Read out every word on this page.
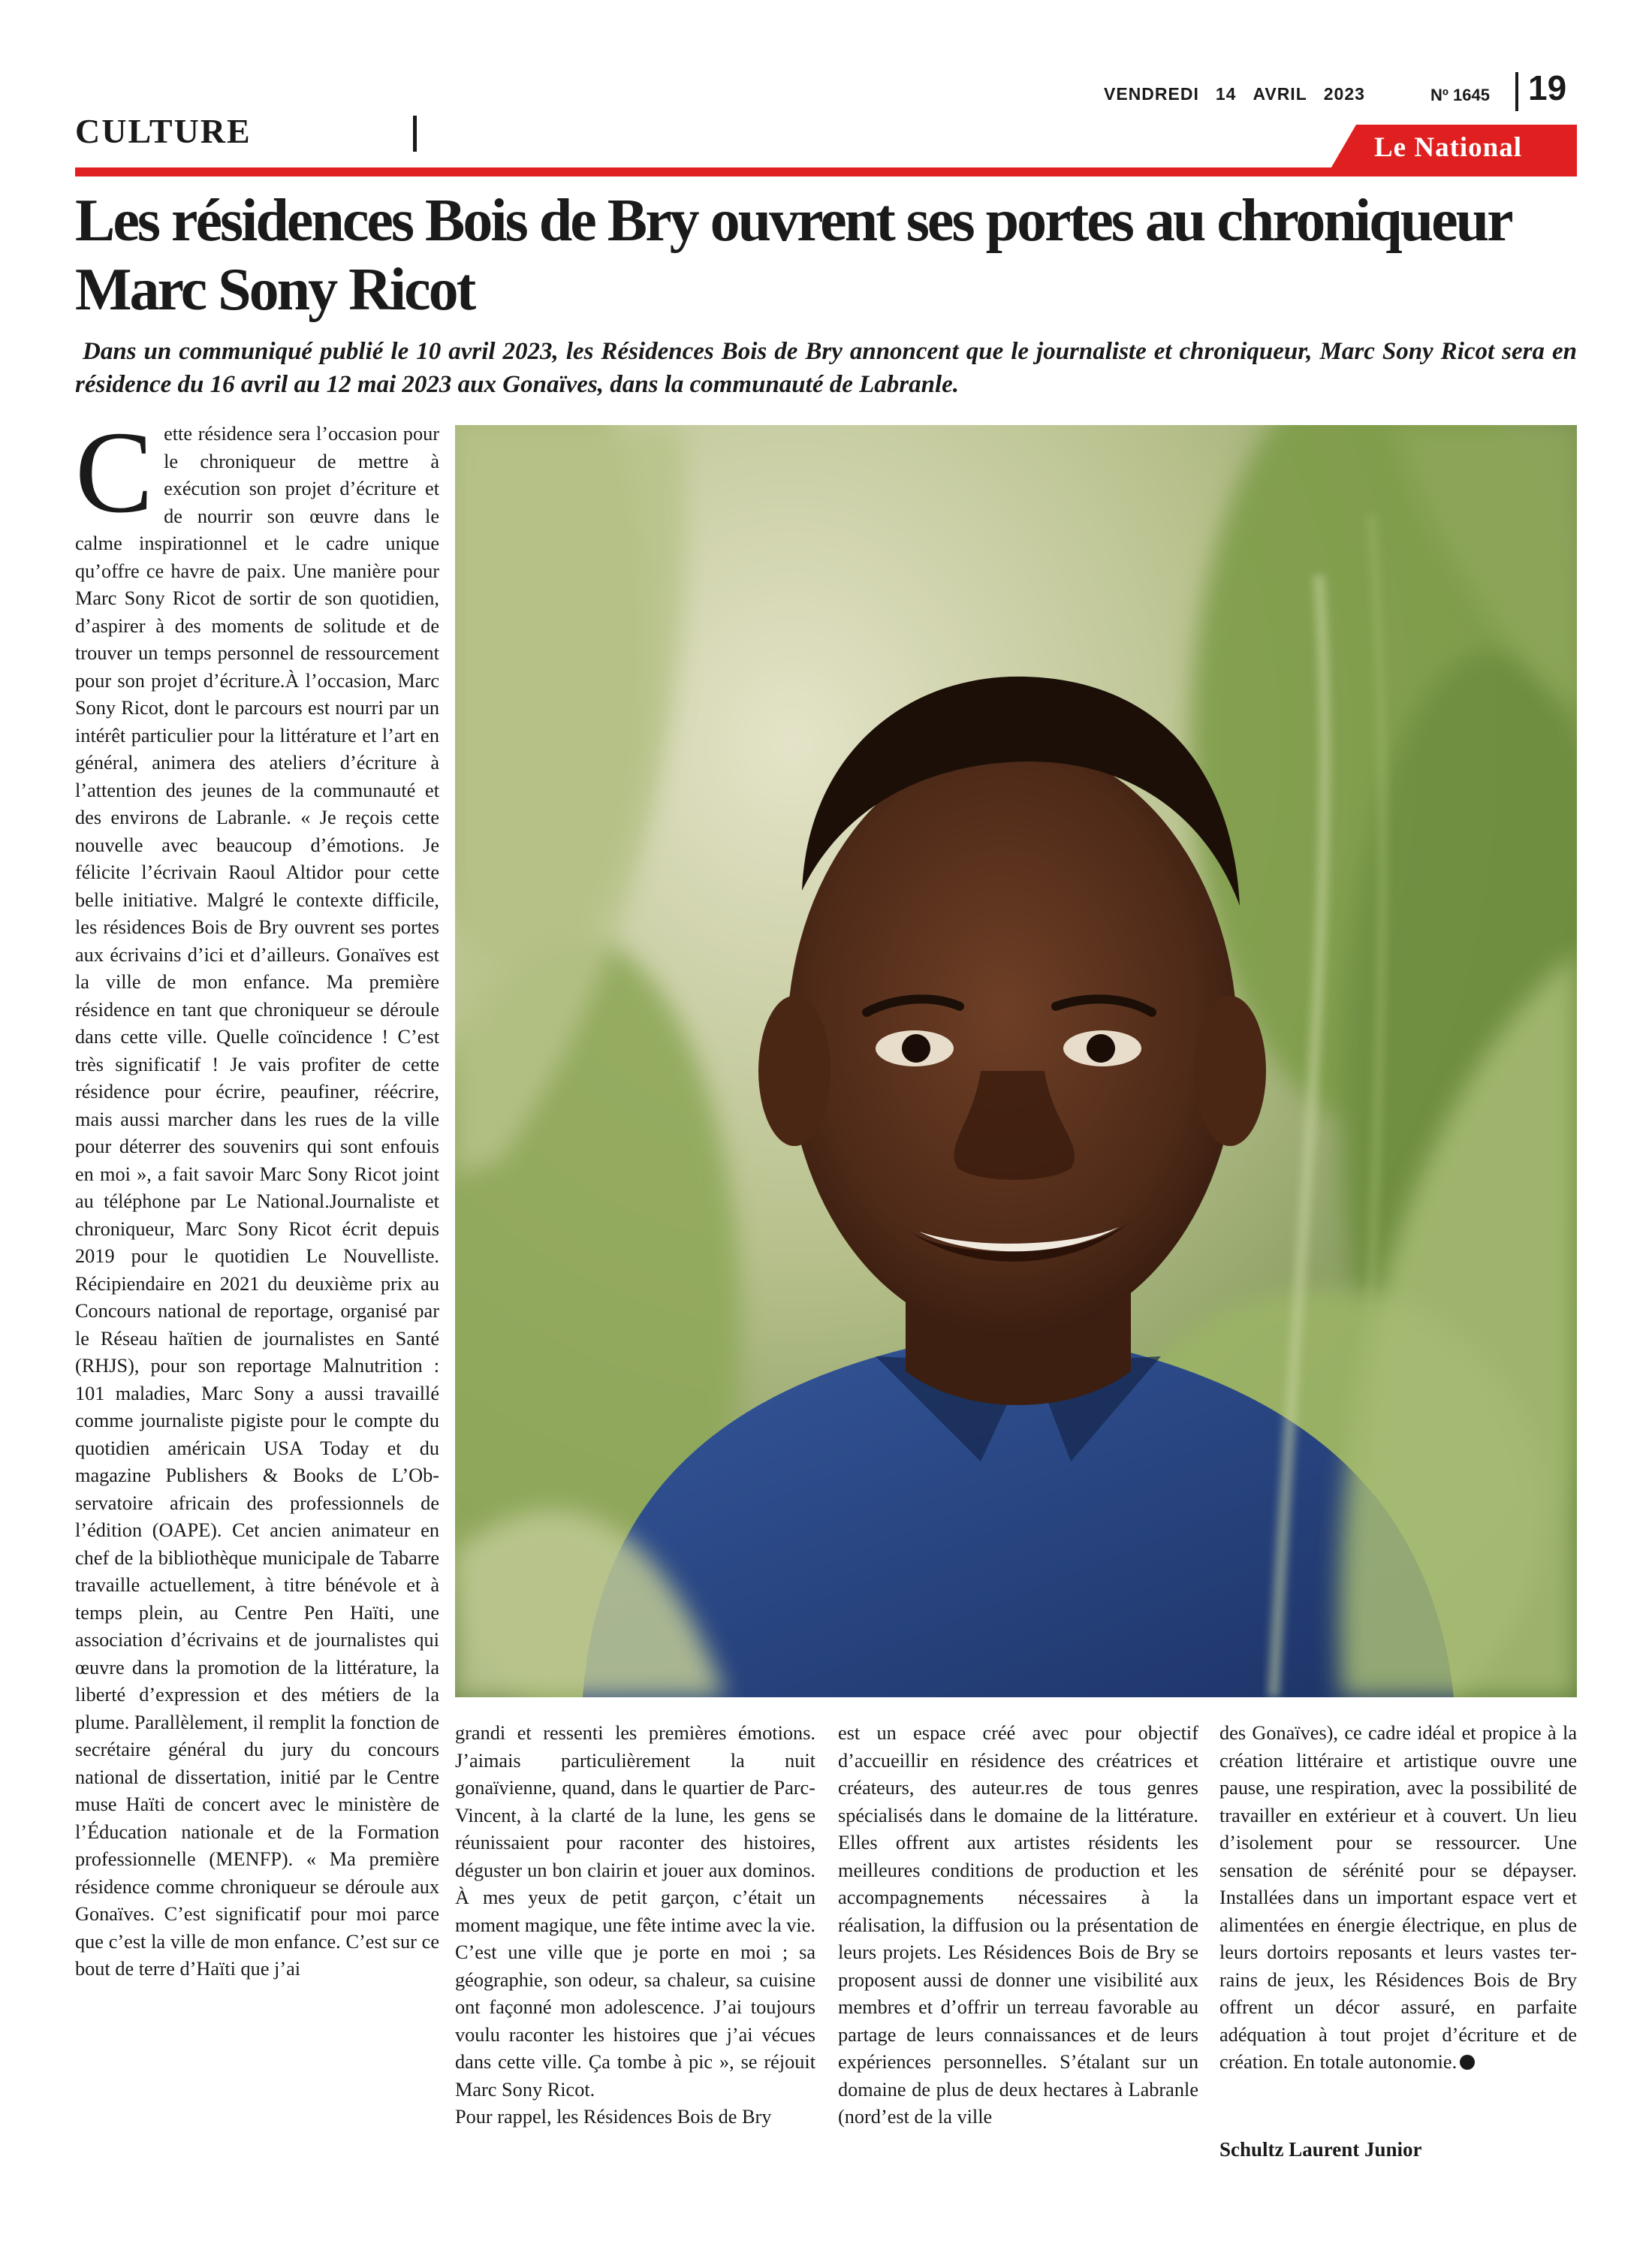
VENDREDI 14 AVRIL 2023	Nº 1645 19
CULTURE	Le National
Les résidences Bois de Bry ouvrent ses portes au chroniqueur Marc Sony Ricot

Dans un communiqué publié le 10 avril 2023, les Résidences Bois de Bry annoncent que le journaliste et chroniqueur, Marc Sony Ricot sera en résidence du 16 avril au 12 mai 2023 aux Gonaïves, dans la communauté de Labranle.

C ette résidence sera l’occasion pour le chroniqueur de mettre à exécution son projet d’écriture et de nourrir son œuvre dans le calme inspirationnel et le cadre unique qu’offre ce havre de paix. Une manière pour Marc Sony Ricot de sortir de son quotidien, d’aspirer à des moments de solitude et de trouver un temps personnel de ressourcement pour son projet d’écriture.À l’occasion, Marc Sony Ricot, dont le parcours est nourri par un intérêt particulier pour la littérature et l’art en général, animera des ateliers d’écriture à l’attention des jeunes de la communauté et des environs de Labranle. « Je reçois cette nouvelle avec beaucoup d’émotions. Je félicite l’écrivain Raoul Altidor pour cette belle initiative. Malgré le contexte difficile, les résidences Bois de Bry ouvrent ses portes aux écrivains d’ici et d’ailleurs. Gonaïves est la ville de mon enfance. Ma première résidence en tant que chroniqueur se déroule dans cette ville. Quelle coïncidence ! C’est très significatif ! Je vais profiter de cette résidence pour écrire, peaufiner, réécrire, mais aussi marcher dans les rues de la ville pour déterrer des souvenirs qui sont enfouis en moi », a fait savoir Marc Sony Ricot joint au téléphone par Le National.Journaliste et chroniqueur, Marc Sony Ricot écrit depuis 2019 pour le quotidien Le Nouvelliste. Récipiendaire en 2021 du deuxième prix au Concours national de reportage, organisé par le Réseau haïtien de journalistes en Santé (RHJS), pour son reportage Malnutrition : 101 maladies, Marc Sony a aussi travaillé comme journaliste pigiste pour le compte du quotidien américain USA Today et du magazine Publishers & Books de L’Observatoire africain des professionnels de l’édition (OAPE). Cet ancien animateur en chef de la bibliothèque municipale de Tabarre travaille actuellement, à titre bénévole et à temps plein, au Centre Pen Haïti, une association d’écrivains et de journalistes qui œuvre dans la promotion de la littérature, la liberté d’expression et des métiers de la plume. Parallèlement, il remplit la fonction de secrétaire général du jury du concours national de dissertation, initié par le Centre muse Haïti de concert avec le ministère de l’Éducation nationale et de la Formation professionnelle (MENFP). « Ma première résidence comme chroniqueur se déroule aux Gonaïves. C’est significatif pour moi parce que c’est la ville de mon enfance. C’est sur ce bout de terre d’Haïti que j’ai

grandi et ressenti les premières émotions. J’aimais particulièrement la nuit gonaïvienne, quand, dans le quartier de Parc-Vincent, à la clarté de la lune, les gens se réunissaient pour raconter des histoires, déguster un bon clairin et jouer aux dominos. À mes yeux de petit garçon, c’était un moment magique, une fête intime avec la vie. C’est une ville que je porte en moi ; sa géographie, son odeur, sa chaleur, sa cuisine ont façonné mon adolescence. J’ai toujours voulu raconter les histoires que j’ai vécues dans cette ville. Ça tombe à pic », se réjouit Marc Sony Ricot.

Pour rappel, les Résidences Bois de Bry

est un espace créé avec pour objectif d’accueillir en résidence des créatrices et créateurs, des auteur.res de tous genres spécialisés dans le domaine de la littérature. Elles offrent aux artistes résidents les meilleures conditions de production et les accompagnements nécessaires à la réalisation, la diffusion ou la présentation de leurs projets. Les Résidences Bois de Bry se proposent aussi de donner une visibilité aux membres et d’offrir un terreau favorable au partage de leurs connaissances et de leurs expériences personnelles. S’étalant sur un domaine de plus de deux hectares à Labranle (nord’est de la ville

des Gonaïves), ce cadre idéal et propice à la création littéraire et artistique ouvre une pause, une respiration, avec la possibilité de travailler en extérieur et à couvert. Un lieu d’isolement pour se ressourcer. Une sensation de sérénité pour se dépayser. Installées dans un important espace vert et alimentées en énergie électrique, en plus de leurs dortoirs reposants et leurs vastes terrains de jeux, les Résidences Bois de Bry offrent un décor assuré, en parfaite adéquation à tout projet d’écriture et de création. En totale autonomie.

Schultz Laurent Junior
